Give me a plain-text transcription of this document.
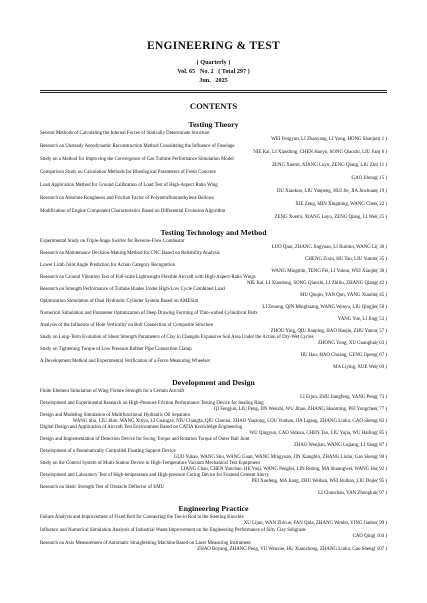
ENGINEERING & TEST
( Quarterly )
Vol. 65   No. 2   ( Total 297 )
Jun.   2025
CONTENTS
Testing Theory
Several Methods of Calculating the Internal Forces of Statically Determinate Structure
WEI Fengyun, LI Zhaoyang, LI Yong, HONG Shanjun( 1 )
Research on Unsteady Aerodynamic Reconstruction Method Considering the Influence of Fuselage
NIE Kai, LI Xiaodong, CHEN Haoyu, SONG Qiaozhi, LIU Fan( 6 )
Study on a Method for Improving the Convergence of Gas Turbine Performance Simulation Model
ZENG Xuemi, XIANG Luyu, ZENG Qiang, LIU Zhi( 11 )
Comparison Study on Calculation Methods for Rheological Parameters of Fresh Concrete
GAO Jihong( 15 )
Load Application Method for Ground Calibration of Load Test of High-Aspect Ratio Wing
DU Xiaokun, LIU Yanpeng, HUI Jie, JIA Jinchuan( 19 )
Research on Absolute Roughness and Friction Factor of Polytetrafluoroethylene Bellows
XIE Zeng, MIN Xingming, WANG Chen( 22 )
Modification of Engine Component Characteristics Based on Differential Evolution Algorithm
ZENG Xuemi, XIANG Luyu, ZENG Qiang, LI Wei( 25 )
Testing Technology and Method
Experimental Study on Triple-Stage Swirler for Reverse-Flow Combustor
LUO Qian, ZHANG Jingyuan, LI Ruimin, WANG Li( 30 )
Research on Maintenance Decision-Making Method for CNC Based on Reliability Analysis
CHENG Zixin, HU Tao, LIU Yumin( 35 )
Lower Limb Joint Angle Prediction for Action Category Recognition
WANG Mingmin, TENG Fei, LI Yukun, WEI Xiaojie( 38 )
Research on Ground Vibration Test of Full-scale Lightweight Flexible Aircraft with High-Aspect-Ratio Wings
NIE Kai, LI Xiaodong, SONG Qiaozhi, LI Zhiliu, ZHANG Qiang( 42 )
Research on Strength Performance of Turbine Blades Under High-Low Cycle Combined Load
MU Qiuqin, YAN Qun, YANG Xiaolin( 45 )
Optimization Simulation of Dual Hydraulic Cylinder System Based on AMESim
LI Zenong, QIN Minghuang, WANG Wenyu, LIU Qingjie( 50 )
Numerical Simulation and Parameter Optimization of Deep Drawing Forming of Thin-walled Cylindrical Parts
YANG Yue, LI Jing( 53 )
Analysis of the Influence of Hole Verticality on Bolt Connection of Composite Structure
ZHOU Ying, QIU Jianping, HAO Haojie, ZHU Yanru( 57 )
Study on Long-Term Evolution of Shear Strength Parameters of Clay in Chengdu Expansive Soil Area Under the Action of Dry-Wet Cycles
ZHONG Yong, XU Guanghui( 63 )
Study on Tightening Torque of Low Pressure Rubber Pipe Connection Clamp
HU Hao, HAO Chuang, GENG Jipeng( 67 )
A Development Method and Experimental Verification of a Force Measuring Wheelset
MA Liying, XUE Wei( 69 )
Development and Design
Finite Element Simulation of Wing Fixture Strength for a Certain Aircraft
LI Erjun, ZHU Jiangfeng, YANG Peng( 73 )
Development and Experimental Research on High-Pressure Friction Performance Testing Device for Sealing Ring
QI Fengjun, LIU Peng, JIN Wenzhi, WU Jihao, ZHANG Shaoming, PEI Yongchen( 77 )
Design and Modeling Simulation of Multifunctional Hydraulic Oil Separator
WANG Shu, LIU Jibin, WANG Xinyu, LI Guangze, NIU Changfa, QIU Chunlai, ZHAO Yanzong, LOU Yunhan, JIA Ligang, ZHANG Liuhu, GAO Sheng( 82 )
Digital Design and Application of Aircraft Test Environment Based on CATIA Knowledge Engineering
WU Qingyun, CAO Shikun, CHEN Tao, LIU Yujia, WU Hailing( 85 )
Design and Implementation of Detection Device for Swing Torque and Rotation Torque of Outer Ball Joint
ZHAO Wenjian, WANG Lujiang, LI Yang( 87 )
Development of a Pneumatically Controlled Floating Support Device
GUO Yuhao, WANG Shu, WANG Guan, WANG Mingyuan, JIN Xiangbin, ZHANG Liuhu, Gao Sheng( 90 )
Study on the Control System of Multi-Station Device in High-Temperature Vacuum Mechanical Test Equipment
LIANG Chao, CHEN Yunchao, HE Yuqi, WANG Pengfei, LIN Ruting, MA Shuangwei, WANG Hu( 92 )
Development and Laboratory Test of High-temperature and High-pressure Curing Device for Foamed Cement Slurry
PEI Xuefeng, MA Jiang, ZHU Weihan, WEI Ruihan, LIU Dejie( 95 )
Research on Static Strength Test of Obstacle Deflector of EMU
LI Chunchan, YAN Zhongkui( 97 )
Engineering Practice
Failure Analysis and Improvement of Fixed Bolt for Connecting the Toe-in Rod to the Steering Knuckle
XU Lijun, WAN Zhicue, FAN Qida, ZHANG Wenbo, YING Jianbo( 99 )
Influence and Numerical Simulation Analysis of Industrial Waste Improvement on the Engineering Performance of Silty Clay Subgrade
CAO Qing( 104 )
Research on Axis Measurement of Automatic Straightening Machine Based on Laser Measuring Instrument
ZHAO Boyang, ZHANG Peng, YU Wenxue, HU Xuanzhong, ZHANG Liuhu, Gao Sheng( 107 )
